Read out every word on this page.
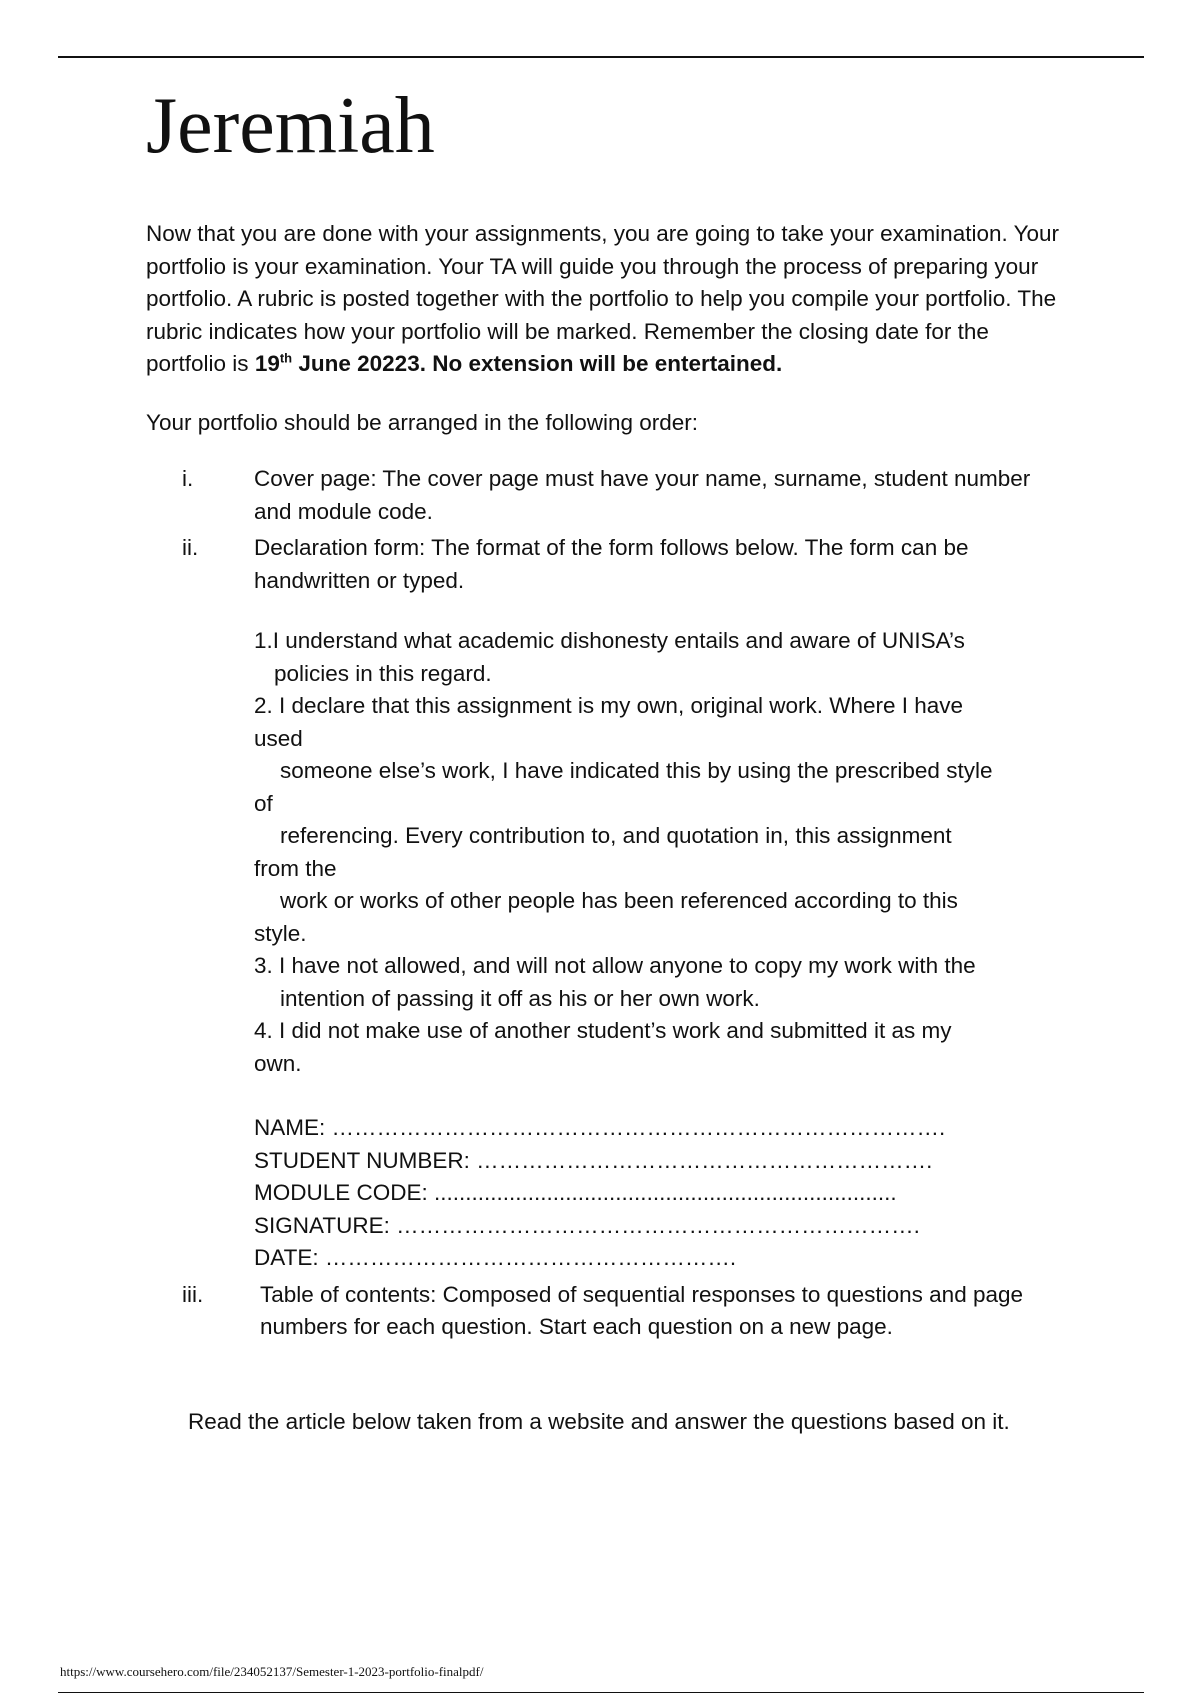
Jeremiah

Now that you are done with your assignments, you are going to take your examination. Your portfolio is your examination. Your TA will guide you through the process of preparing your portfolio. A rubric is posted together with the portfolio to help you compile your portfolio. The rubric indicates how your portfolio will be marked. Remember the closing date for the portfolio is 19th June 20223. No extension will be entertained.

Your portfolio should be arranged in the following order:

i.	Cover page: The cover page must have your name, surname, student number and module code.
ii.	Declaration form: The format of the form follows below. The form can be handwritten or typed.

1.I understand what academic dishonesty entails and aware of UNISA’s

policies in this regard.

2. I declare that this assignment is my own, original work. Where I have

used

someone else’s work, I have indicated this by using the prescribed style

of

referencing. Every contribution to, and quotation in, this assignment

from the

work or works of other people has been referenced according to this

style.

3. I have not allowed, and will not allow anyone to copy my work with the

intention of passing it off as his or her own work.

4. I did not make use of another student’s work and submitted it as my

own.

NAME: ……………………………………………………………………….

STUDENT NUMBER: …………………………………………………….

MODULE CODE: ..........................................................................

SIGNATURE: …………………………………………………………….

DATE: ……………………………………………….

iii.	Table of contents: Composed of sequential responses to questions and page numbers for each question. Start each question on a new page.

Read the article below taken from a website and answer the questions based on it.

https://www.coursehero.com/file/234052137/Semester-1-2023-portfolio-finalpdf/
